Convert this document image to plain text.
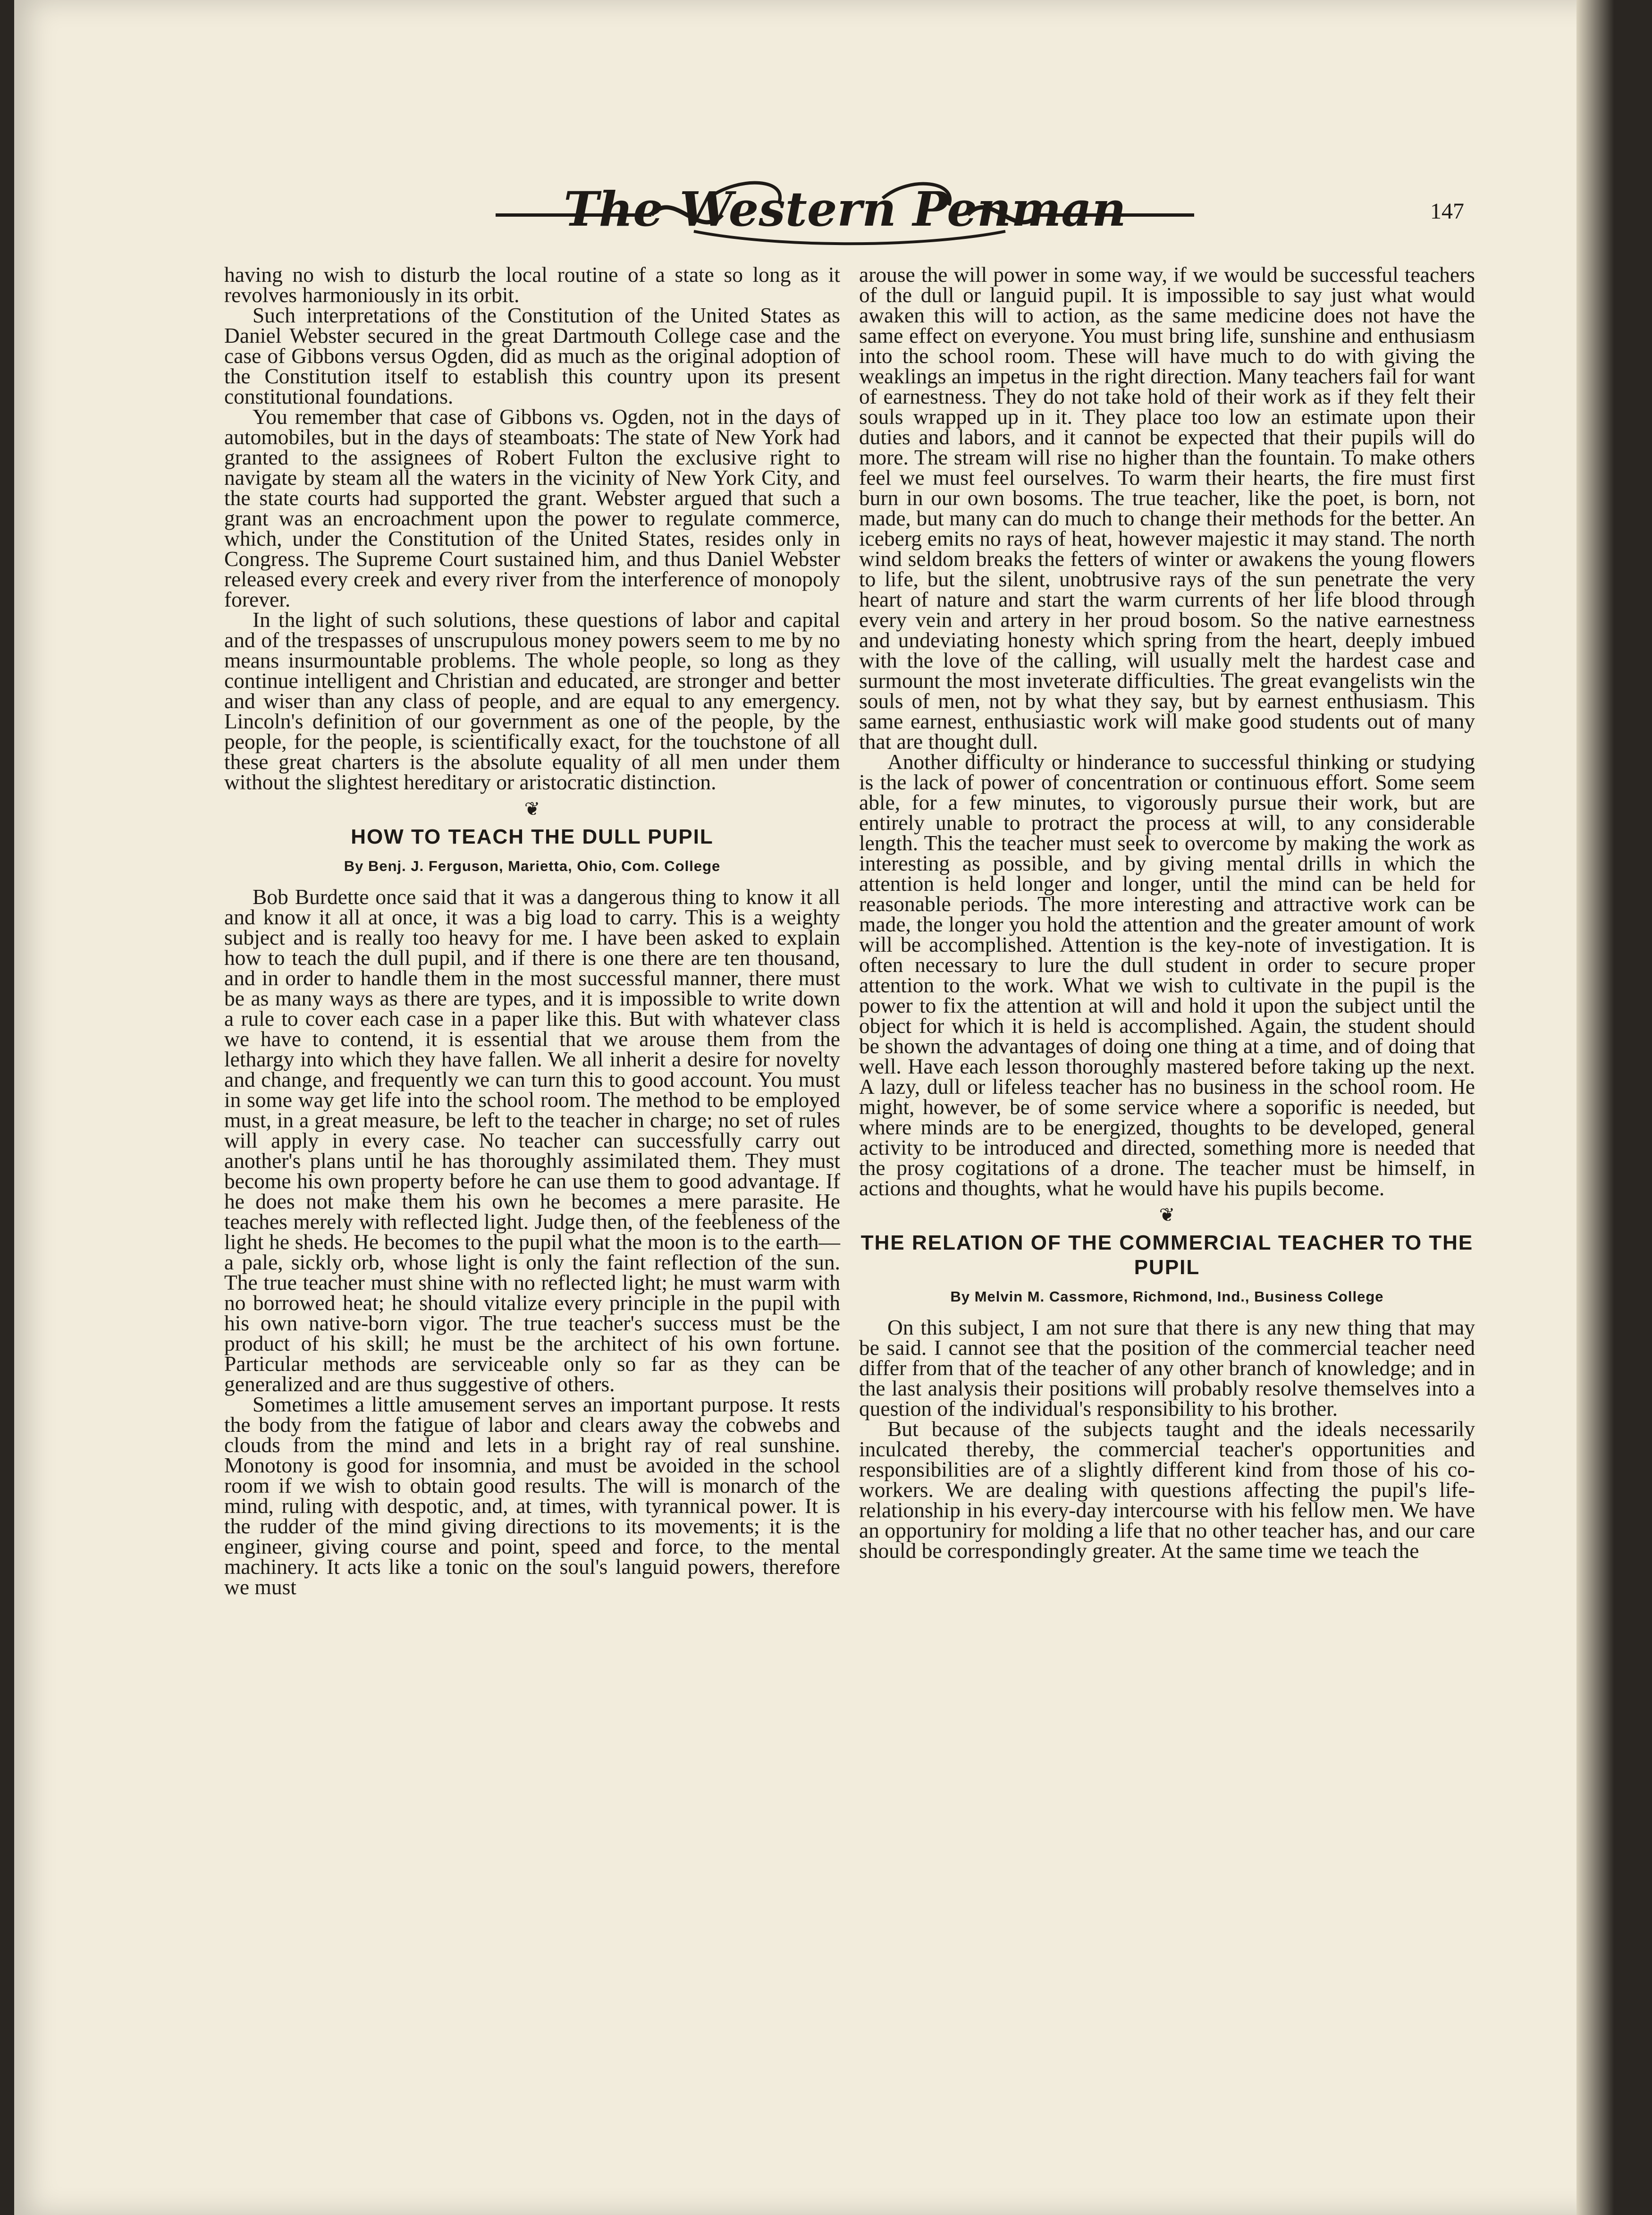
The Western Penman	147

having no wish to disturb the local routine of a state so long as it revolves harmoniously in its orbit.

Such interpretations of the Constitution of the United States as Daniel Webster secured in the great Dartmouth College case and the case of Gibbons versus Ogden, did as much as the original adoption of the Constitution itself to establish this country upon its present constitutional foundations.

You remember that case of Gibbons vs. Ogden, not in the days of automobiles, but in the days of steamboats: The state of New York had granted to the assignees of Robert Fulton the exclusive right to navigate by steam all the waters in the vicinity of New York City, and the state courts had supported the grant. Webster argued that such a grant was an encroachment upon the power to regulate commerce, which, under the Constitution of the United States, resides only in Congress. The Supreme Court sustained him, and thus Daniel Webster released every creek and every river from the interference of monopoly forever.

In the light of such solutions, these questions of labor and capital and of the trespasses of unscrupulous money powers seem to me by no means insurmountable problems. The whole people, so long as they continue intelligent and Christian and educated, are stronger and better and wiser than any class of people, and are equal to any emergency. Lincoln's definition of our government as one of the people, by the people, for the people, is scientifically exact, for the touchstone of all these great charters is the absolute equality of all men under them without the slightest hereditary or aristocratic distinction.

❦
HOW TO TEACH THE DULL PUPIL
By Benj. J. Ferguson, Marietta, Ohio, Com. College

Bob Burdette once said that it was a dangerous thing to know it all and know it all at once, it was a big load to carry. This is a weighty subject and is really too heavy for me. I have been asked to explain how to teach the dull pupil, and if there is one there are ten thousand, and in order to handle them in the most successful manner, there must be as many ways as there are types, and it is impossible to write down a rule to cover each case in a paper like this. But with whatever class we have to contend, it is essential that we arouse them from the lethargy into which they have fallen. We all inherit a desire for novelty and change, and frequently we can turn this to good account. You must in some way get life into the school room. The method to be employed must, in a great measure, be left to the teacher in charge; no set of rules will apply in every case. No teacher can successfully carry out another's plans until he has thoroughly assimilated them. They must become his own property before he can use them to good advantage. If he does not make them his own he becomes a mere parasite. He teaches merely with reflected light. Judge then, of the feebleness of the light he sheds. He becomes to the pupil what the moon is to the earth—a pale, sickly orb, whose light is only the faint reflection of the sun. The true teacher must shine with no reflected light; he must warm with no borrowed heat; he should vitalize every principle in the pupil with his own native-born vigor. The true teacher's success must be the product of his skill; he must be the architect of his own fortune. Particular methods are serviceable only so far as they can be generalized and are thus suggestive of others.

Sometimes a little amusement serves an important purpose. It rests the body from the fatigue of labor and clears away the cobwebs and clouds from the mind and lets in a bright ray of real sunshine. Monotony is good for insomnia, and must be avoided in the school room if we wish to obtain good results. The will is monarch of the mind, ruling with despotic, and, at times, with tyrannical power. It is the rudder of the mind giving directions to its movements; it is the engineer, giving course and point, speed and force, to the mental machinery. It acts like a tonic on the soul's languid powers, therefore we must

arouse the will power in some way, if we would be successful teachers of the dull or languid pupil. It is impossible to say just what would awaken this will to action, as the same medicine does not have the same effect on everyone. You must bring life, sunshine and enthusiasm into the school room. These will have much to do with giving the weaklings an impetus in the right direction. Many teachers fail for want of earnestness. They do not take hold of their work as if they felt their souls wrapped up in it. They place too low an estimate upon their duties and labors, and it cannot be expected that their pupils will do more. The stream will rise no higher than the fountain. To make others feel we must feel ourselves. To warm their hearts, the fire must first burn in our own bosoms. The true teacher, like the poet, is born, not made, but many can do much to change their methods for the better. An iceberg emits no rays of heat, however majestic it may stand. The north wind seldom breaks the fetters of winter or awakens the young flowers to life, but the silent, unobtrusive rays of the sun penetrate the very heart of nature and start the warm currents of her life blood through every vein and artery in her proud bosom. So the native earnestness and undeviating honesty which spring from the heart, deeply imbued with the love of the calling, will usually melt the hardest case and surmount the most inveterate difficulties. The great evangelists win the souls of men, not by what they say, but by earnest enthusiasm. This same earnest, enthusiastic work will make good students out of many that are thought dull.

Another difficulty or hinderance to successful thinking or studying is the lack of power of concentration or continuous effort. Some seem able, for a few minutes, to vigorously pursue their work, but are entirely unable to protract the process at will, to any considerable length. This the teacher must seek to overcome by making the work as interesting as possible, and by giving mental drills in which the attention is held longer and longer, until the mind can be held for reasonable periods. The more interesting and attractive work can be made, the longer you hold the attention and the greater amount of work will be accomplished. Attention is the key-note of investigation. It is often necessary to lure the dull student in order to secure proper attention to the work. What we wish to cultivate in the pupil is the power to fix the attention at will and hold it upon the subject until the object for which it is held is accomplished. Again, the student should be shown the advantages of doing one thing at a time, and of doing that well. Have each lesson thoroughly mastered before taking up the next. A lazy, dull or lifeless teacher has no business in the school room. He might, however, be of some service where a soporific is needed, but where minds are to be energized, thoughts to be developed, general activity to be introduced and directed, something more is needed that the prosy cogitations of a drone. The teacher must be himself, in actions and thoughts, what he would have his pupils become.

❦
THE RELATION OF THE COMMERCIAL TEACHER TO THE PUPIL
By Melvin M. Cassmore, Richmond, Ind., Business College

On this subject, I am not sure that there is any new thing that may be said. I cannot see that the position of the commercial teacher need differ from that of the teacher of any other branch of knowledge; and in the last analysis their positions will probably resolve themselves into a question of the individual's responsibility to his brother.

But because of the subjects taught and the ideals necessarily inculcated thereby, the commercial teacher's opportunities and responsibilities are of a slightly different kind from those of his co-workers. We are dealing with questions affecting the pupil's life-relationship in his every-day intercourse with his fellow men. We have an opportuniry for molding a life that no other teacher has, and our care should be correspondingly greater. At the same time we teach the
